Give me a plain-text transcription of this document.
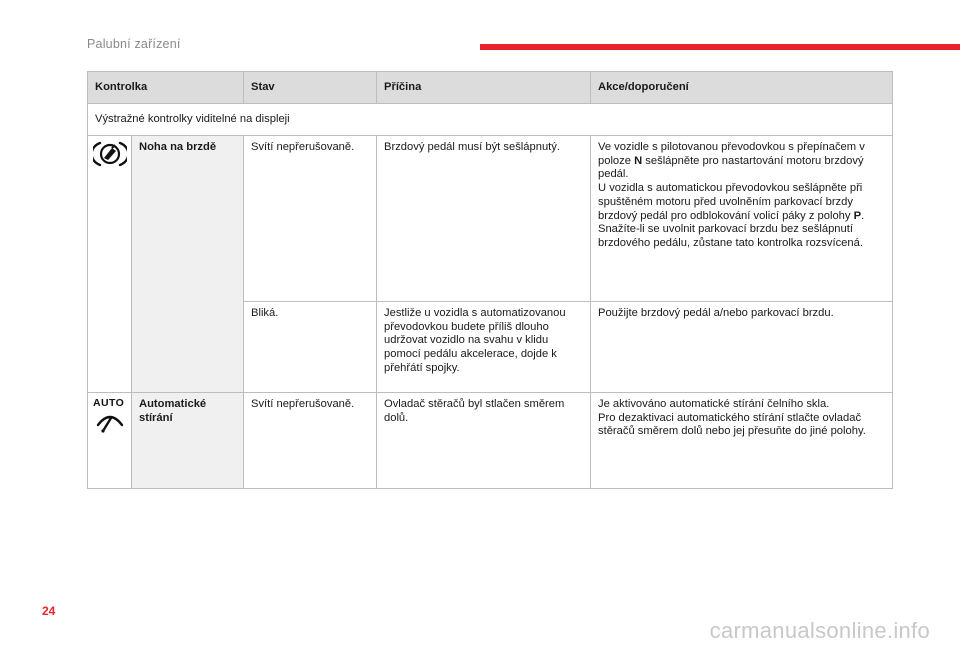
Palubní zařízení
Kontrolka		Stav	Příčina	Akce/doporučení
Výstražné kontrolky viditelné na displeji				

	Noha na brzdě	Svítí nepřerušovaně.	Brzdový pedál musí být sešlápnutý.	Ve vozidle s pilotovanou převodovkou s přepínačem v poloze N sešlápněte pro nastartování motoru brzdový pedál.
U vozidla s automatickou převodovkou sešlápněte při spuštěném motoru před uvolněním parkovací brzdy brzdový pedál pro odblokování volicí páky z polohy P.
Snažíte-li se uvolnit parkovací brzdu bez sešlápnutí brzdového pedálu, zůstane tato kontrolka rozsvícená.
		Bliká.	Jestliže u vozidla s automatizovanou převodovkou budete příliš dlouho udržovat vozidlo na svahu v klidu pomocí pedálu akcelerace, dojde k přehřátí spojky.	Použijte brzdový pedál a/nebo parkovací brzdu.

AUTO	Automatické stírání	Svítí nepřerušovaně.	Ovladač stěračů byl stlačen směrem dolů.	Je aktivováno automatické stírání čelního skla.
Pro dezaktivaci automatického stírání stlačte ovladač stěračů směrem dolů nebo jej přesuňte do jiné polohy.
24
carmanualsonline.info
